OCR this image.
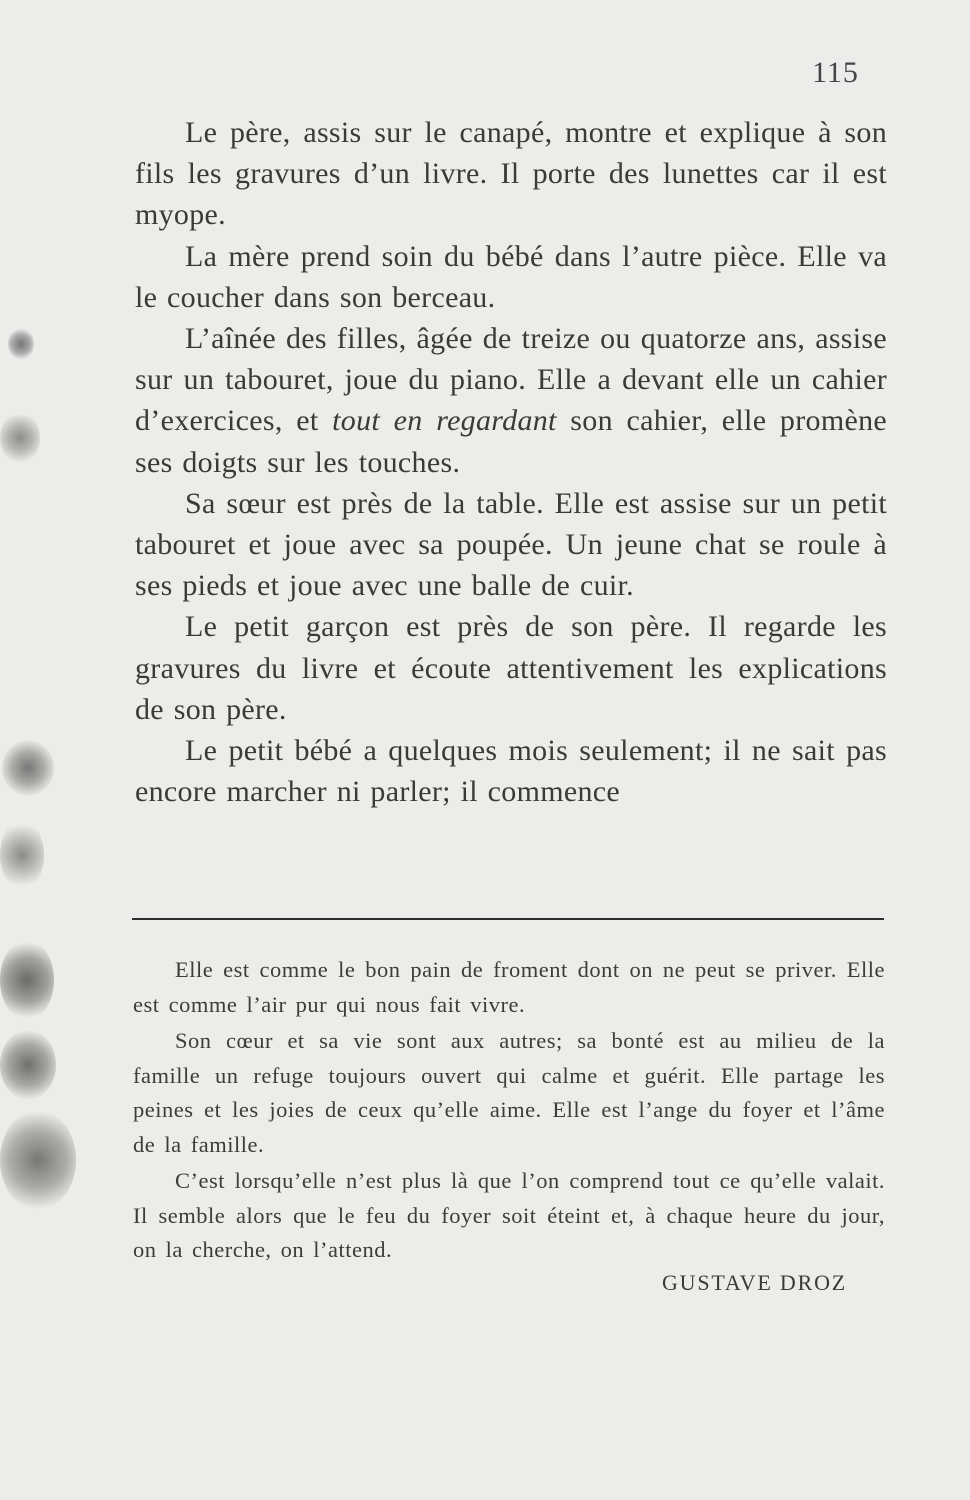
115

Le père, assis sur le canapé, montre et explique à son fils les gravures d’un livre. Il porte des lunettes car il est myope.

La mère prend soin du bébé dans l’autre pièce. Elle va le coucher dans son berceau.

L’aînée des filles, âgée de treize ou quatorze ans, assise sur un tabouret, joue du piano. Elle a devant elle un cahier d’exercices, et tout en regardant son cahier, elle promène ses doigts sur les touches.

Sa sœur est près de la table. Elle est assise sur un petit tabouret et joue avec sa poupée. Un jeune chat se roule à ses pieds et joue avec une balle de cuir.

Le petit garçon est près de son père. Il regarde les gravures du livre et écoute attentivement les explications de son père.

Le petit bébé a quelques mois seulement; il ne sait pas encore marcher ni parler; il commence

Elle est comme le bon pain de froment dont on ne peut se priver. Elle est comme l’air pur qui nous fait vivre.

Son cœur et sa vie sont aux autres; sa bonté est au milieu de la famille un refuge toujours ouvert qui calme et guérit. Elle partage les peines et les joies de ceux qu’elle aime. Elle est l’ange du foyer et l’âme de la famille.

C’est lorsqu’elle n’est plus là que l’on comprend tout ce qu’elle valait. Il semble alors que le feu du foyer soit éteint et, à chaque heure du jour, on la cherche, on l’attend.

GUSTAVE DROZ
